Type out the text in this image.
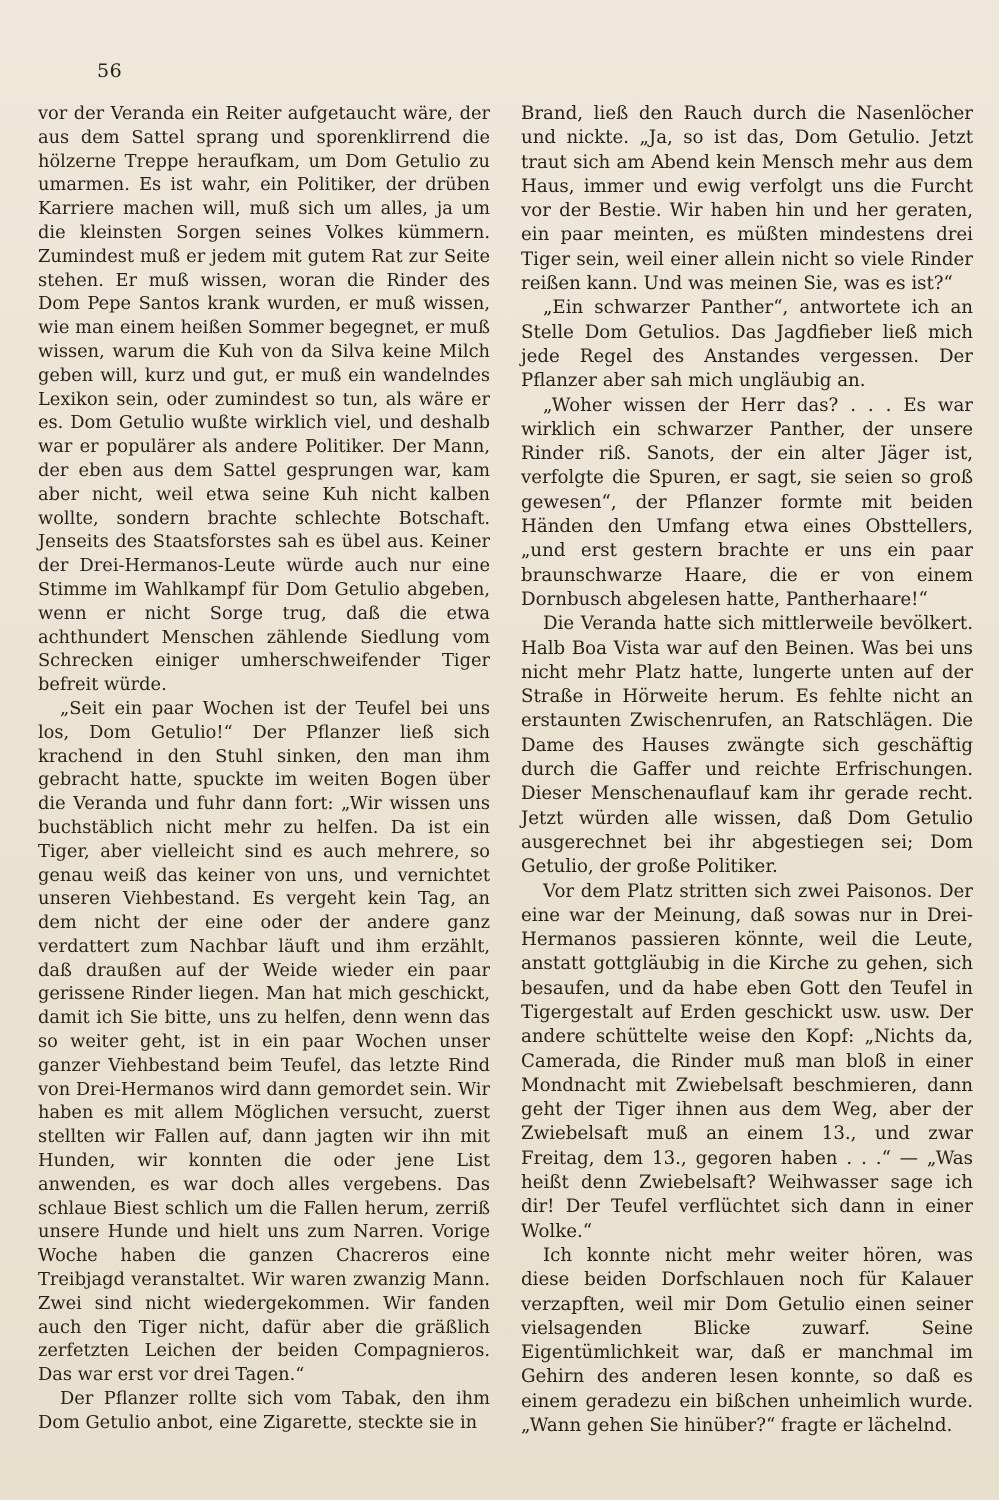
56

vor der Veranda ein Reiter aufgetaucht wäre, der aus dem Sattel sprang und sporenklirrend die hölzerne Treppe heraufkam, um Dom Getulio zu umarmen. Es ist wahr, ein Politiker, der drüben Karriere machen will, muß sich um alles, ja um die kleinsten Sorgen seines Volkes kümmern. Zumindest muß er jedem mit gutem Rat zur Seite stehen. Er muß wissen, woran die Rinder des Dom Pepe Santos krank wurden, er muß wissen, wie man einem heißen Sommer begegnet, er muß wissen, warum die Kuh von da Silva keine Milch geben will, kurz und gut, er muß ein wandelndes Lexikon sein, oder zumindest so tun, als wäre er es. Dom Getulio wußte wirklich viel, und deshalb war er populärer als andere Politiker. Der Mann, der eben aus dem Sattel gesprungen war, kam aber nicht, weil etwa seine Kuh nicht kalben wollte, sondern brachte schlechte Botschaft. Jenseits des Staatsforstes sah es übel aus. Keiner der Drei-Hermanos-Leute würde auch nur eine Stimme im Wahlkampf für Dom Getulio abgeben, wenn er nicht Sorge trug, daß die etwa achthundert Menschen zählende Siedlung vom Schrecken einiger umherschweifender Tiger befreit würde.

„Seit ein paar Wochen ist der Teufel bei uns los, Dom Getulio!“ Der Pflanzer ließ sich krachend in den Stuhl sinken, den man ihm gebracht hatte, spuckte im weiten Bogen über die Veranda und fuhr dann fort: „Wir wissen uns buchstäblich nicht mehr zu helfen. Da ist ein Tiger, aber vielleicht sind es auch mehrere, so genau weiß das keiner von uns, und vernichtet unseren Viehbestand. Es vergeht kein Tag, an dem nicht der eine oder der andere ganz verdattert zum Nachbar läuft und ihm erzählt, daß draußen auf der Weide wieder ein paar gerissene Rinder liegen. Man hat mich geschickt, damit ich Sie bitte, uns zu helfen, denn wenn das so weiter geht, ist in ein paar Wochen unser ganzer Viehbestand beim Teufel, das letzte Rind von Drei-Hermanos wird dann gemordet sein. Wir haben es mit allem Möglichen versucht, zuerst stellten wir Fallen auf, dann jagten wir ihn mit Hunden, wir konnten die oder jene List anwenden, es war doch alles vergebens. Das schlaue Biest schlich um die Fallen herum, zerriß unsere Hunde und hielt uns zum Narren. Vorige Woche haben die ganzen Chacreros eine Treibjagd veranstaltet. Wir waren zwanzig Mann. Zwei sind nicht wiedergekommen. Wir fanden auch den Tiger nicht, dafür aber die gräßlich zerfetzten Leichen der beiden Compagnieros. Das war erst vor drei Tagen.“

Der Pflanzer rollte sich vom Tabak, den ihm Dom Getulio anbot, eine Zigarette, steckte sie in

Brand, ließ den Rauch durch die Nasenlöcher und nickte. „Ja, so ist das, Dom Getulio. Jetzt traut sich am Abend kein Mensch mehr aus dem Haus, immer und ewig verfolgt uns die Furcht vor der Bestie. Wir haben hin und her geraten, ein paar meinten, es müßten mindestens drei Tiger sein, weil einer allein nicht so viele Rinder reißen kann. Und was meinen Sie, was es ist?“

„Ein schwarzer Panther“, antwortete ich an Stelle Dom Getulios. Das Jagdfieber ließ mich jede Regel des Anstandes vergessen. Der Pflanzer aber sah mich ungläubig an.

„Woher wissen der Herr das? . . . Es war wirklich ein schwarzer Panther, der unsere Rinder riß. Sanots, der ein alter Jäger ist, verfolgte die Spuren, er sagt, sie seien so groß gewesen“, der Pflanzer formte mit beiden Händen den Umfang etwa eines Obsttellers, „und erst gestern brachte er uns ein paar braunschwarze Haare, die er von einem Dornbusch abgelesen hatte, Pantherhaare!“

Die Veranda hatte sich mittlerweile bevölkert. Halb Boa Vista war auf den Beinen. Was bei uns nicht mehr Platz hatte, lungerte unten auf der Straße in Hörweite herum. Es fehlte nicht an erstaunten Zwischenrufen, an Ratschlägen. Die Dame des Hauses zwängte sich geschäftig durch die Gaffer und reichte Erfrischungen. Dieser Menschenauflauf kam ihr gerade recht. Jetzt würden alle wissen, daß Dom Getulio ausgerechnet bei ihr abgestiegen sei; Dom Getulio, der große Politiker.

Vor dem Platz stritten sich zwei Paisonos. Der eine war der Meinung, daß sowas nur in Drei-Hermanos passieren könnte, weil die Leute, anstatt gottgläubig in die Kirche zu gehen, sich besaufen, und da habe eben Gott den Teufel in Tigergestalt auf Erden geschickt usw. usw. Der andere schüttelte weise den Kopf: „Nichts da, Camerada, die Rinder muß man bloß in einer Mondnacht mit Zwiebelsaft beschmieren, dann geht der Tiger ihnen aus dem Weg, aber der Zwiebelsaft muß an einem 13., und zwar Freitag, dem 13., gegoren haben . . .“ — „Was heißt denn Zwiebelsaft? Weihwasser sage ich dir! Der Teufel verflüchtet sich dann in einer Wolke.“

Ich konnte nicht mehr weiter hören, was diese beiden Dorfschlauen noch für Kalauer verzapften, weil mir Dom Getulio einen seiner vielsagenden Blicke zuwarf. Seine Eigentümlichkeit war, daß er manchmal im Gehirn des anderen lesen konnte, so daß es einem geradezu ein bißchen unheimlich wurde. „Wann gehen Sie hinüber?“ fragte er lächelnd.
